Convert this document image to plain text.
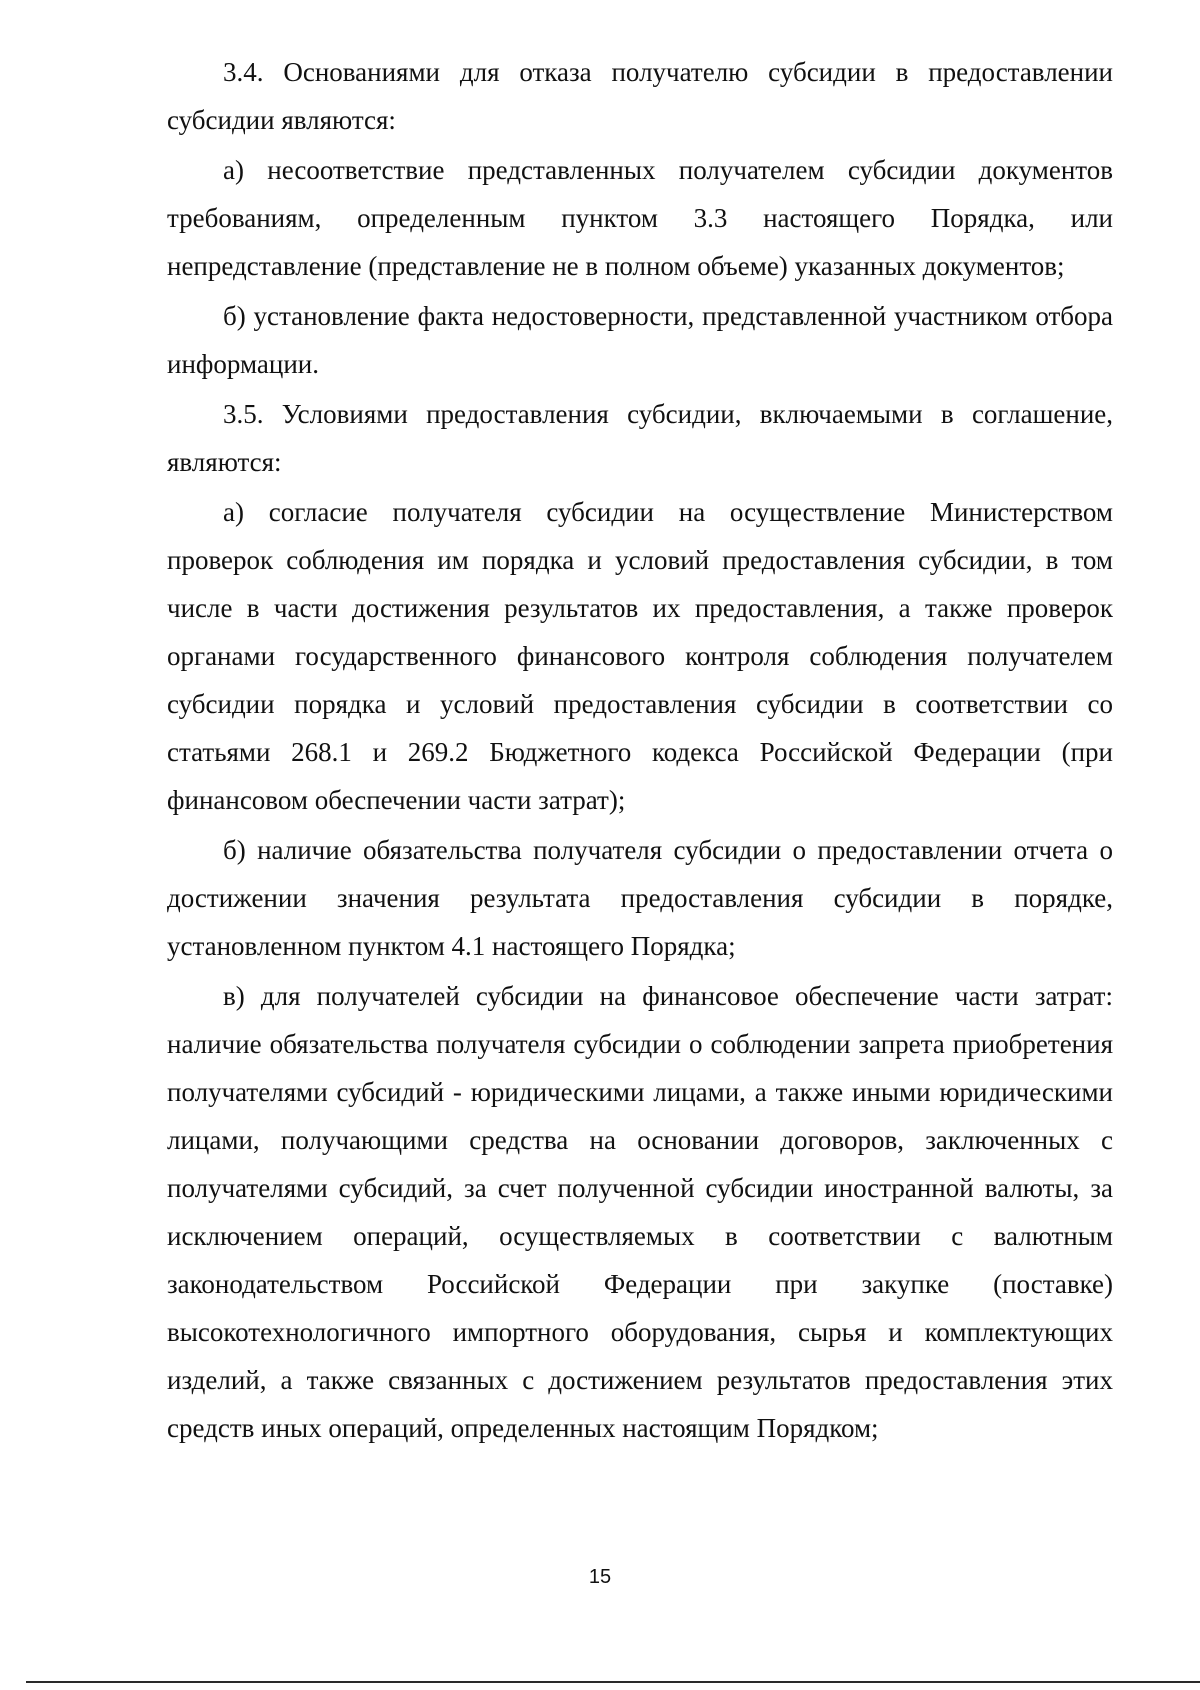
3.4. Основаниями для отказа получателю субсидии в предоставлении субсидии являются:

а) несоответствие представленных получателем субсидии документов требованиям, определенным пунктом 3.3 настоящего Порядка, или непредставление (представление не в полном объеме) указанных документов;

б) установление факта недостоверности, представленной участником отбора информации.

3.5. Условиями предоставления субсидии, включаемыми в соглашение, являются:

а) согласие получателя субсидии на осуществление Министерством проверок соблюдения им порядка и условий предоставления субсидии, в том числе в части достижения результатов их предоставления, а также проверок органами государственного финансового контроля соблюдения получателем субсидии порядка и условий предоставления субсидии в соответствии со статьями 268.1 и 269.2 Бюджетного кодекса Российской Федерации (при финансовом обеспечении части затрат);

б) наличие обязательства получателя субсидии о предоставлении отчета о достижении значения результата предоставления субсидии в порядке, установленном пунктом 4.1 настоящего Порядка;

в) для получателей субсидии на финансовое обеспечение части затрат: наличие обязательства получателя субсидии о соблюдении запрета приобретения получателями субсидий - юридическими лицами, а также иными юридическими лицами, получающими средства на основании договоров, заключенных с получателями субсидий, за счет полученной субсидии иностранной валюты, за исключением операций, осуществляемых в соответствии с валютным законодательством Российской Федерации при закупке (поставке) высокотехнологичного импортного оборудования, сырья и комплектующих изделий, а также связанных с достижением результатов предоставления этих средств иных операций, определенных настоящим Порядком;

15
